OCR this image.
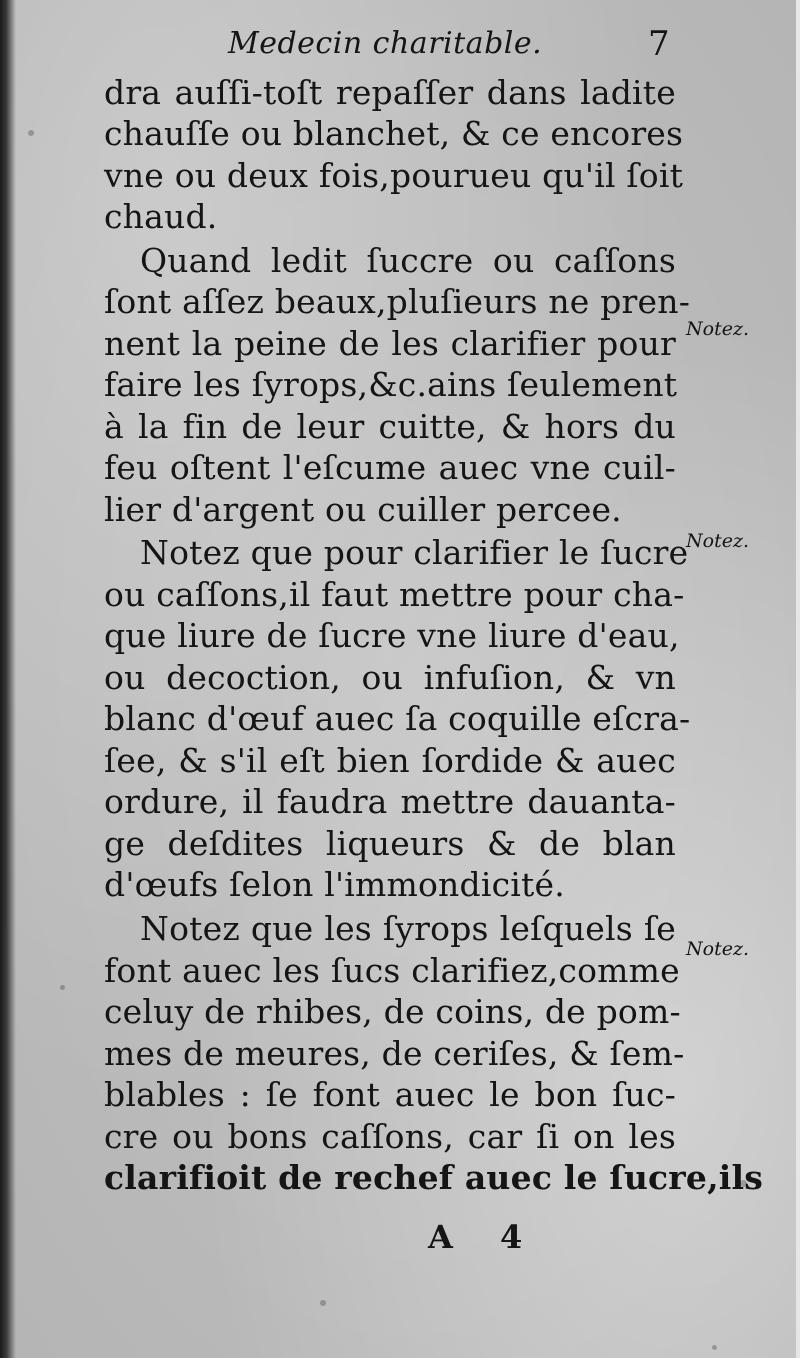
Medecin charitable.	7
dra auſſi-toſt repaſſer dans ladite
chauſſe ou blanchet, & ce encores
vne ou deux fois,pourueu qu'il ſoit
chaud.
Quand ledit ſuccre ou caſſons
ſont aſſez beaux,pluſieurs ne pren-
nent la peine de les clarifier pour
faire les ſyrops,&c.ains ſeulement
à la fin de leur cuitte, & hors du
feu oſtent l'eſcume auec vne cuil-
lier d'argent ou cuiller percee.
Notez que pour clarifier le ſucre
ou caſſons,il faut mettre pour cha-
que liure de ſucre vne liure d'eau,
ou decoction, ou infuſion, & vn
blanc d'œuf auec ſa coquille eſcra-
ſee, & s'il eſt bien ſordide & auec
ordure, il faudra mettre dauanta-
ge deſdites liqueurs & de blan
d'œufs ſelon l'immondicité.
Notez que les ſyrops leſquels ſe
font auec les ſucs clarifiez,comme
celuy de rhibes, de coins, de pom-
mes de meures, de ceriſes, & ſem-
blables : ſe font auec le bon ſuc-
cre ou bons caſſons, car ſi on les
clarifioit de rechef auec le ſucre,ils
Notez.
Notez.
Notez.
A 4
